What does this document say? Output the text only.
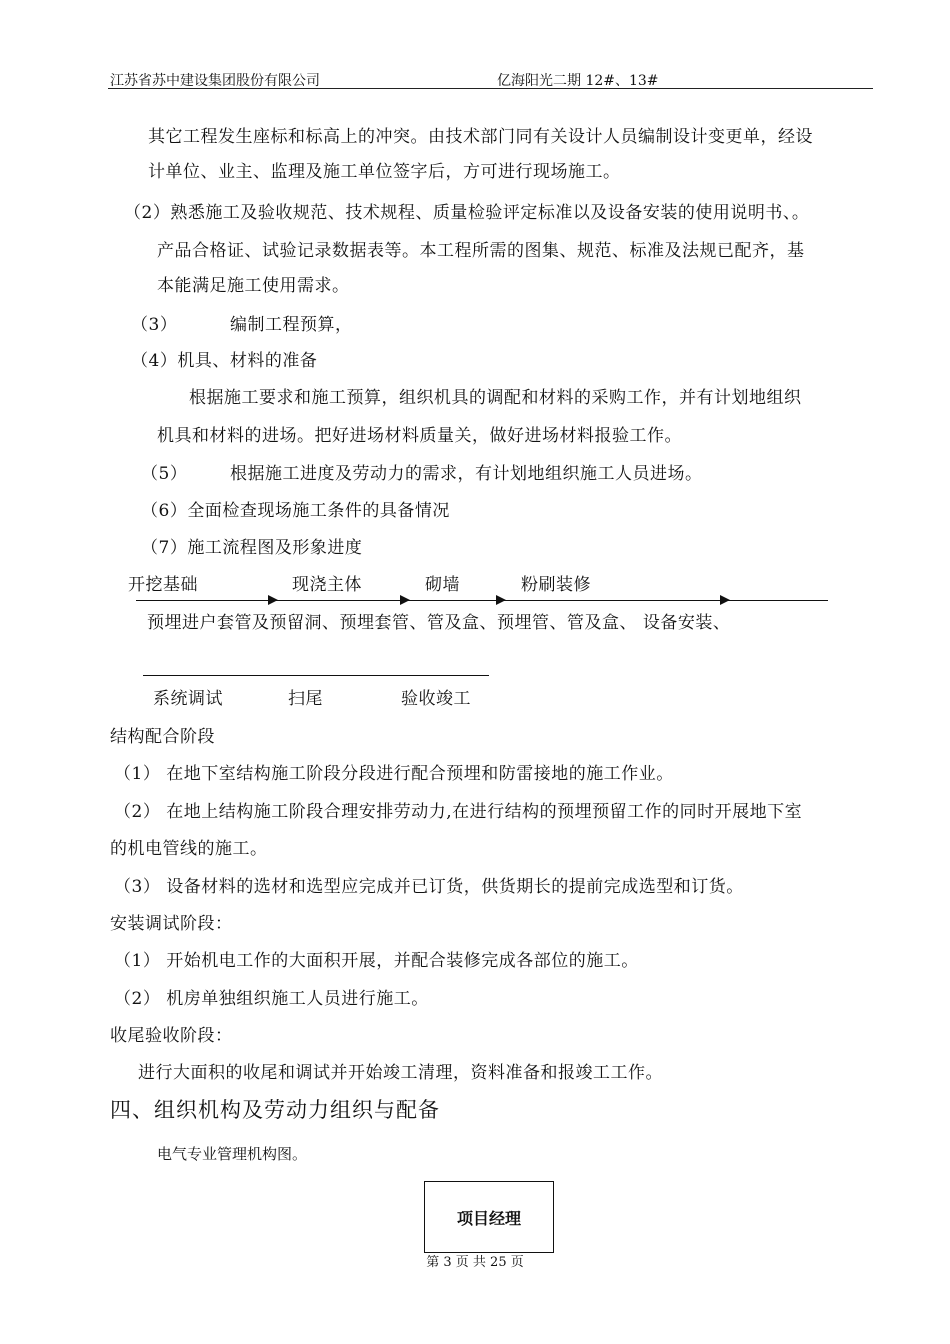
江苏省苏中建设集团股份有限公司	亿海阳光二期 12#、13#
其它工程发生座标和标高上的冲突。由技术部门同有关设计人员编制设计变更单，经设
计单位、业主、监理及施工单位签字后，方可进行现场施工。
（2）熟悉施工及验收规范、技术规程、质量检验评定标准以及设备安装的使用说明书、。
产品合格证、试验记录数据表等。本工程所需的图集、规范、标准及法规已配齐，基
本能满足施工使用需求。
（3）	编制工程预算，
（4）机具、材料的准备
根据施工要求和施工预算，组织机具的调配和材料的采购工作，并有计划地组织
机具和材料的进场。把好进场材料质量关，做好进场材料报验工作。
（5）	根据施工进度及劳动力的需求，有计划地组织施工人员进场。
（6）全面检查现场施工条件的具备情况
（7）施工流程图及形象进度
开挖基础	现浇主体	砌墙	粉刷装修
预埋进户套管及预留洞、预埋套管、管及盒、预埋管、管及盒、 设备安装、
系统调试	扫尾	验收竣工
结构配合阶段
（1） 在地下室结构施工阶段分段进行配合预埋和防雷接地的施工作业。
（2） 在地上结构施工阶段合理安排劳动力,在进行结构的预埋预留工作的同时开展地下室
的机电管线的施工。
（3） 设备材料的选材和选型应完成并已订货，供货期长的提前完成选型和订货。
安装调试阶段：
（1） 开始机电工作的大面积开展，并配合装修完成各部位的施工。
（2） 机房单独组织施工人员进行施工。
收尾验收阶段：
进行大面积的收尾和调试并开始竣工清理，资料准备和报竣工工作。
四、组织机构及劳动力组织与配备
电气专业管理机构图。
项目经理
第 3 页 共 25 页
